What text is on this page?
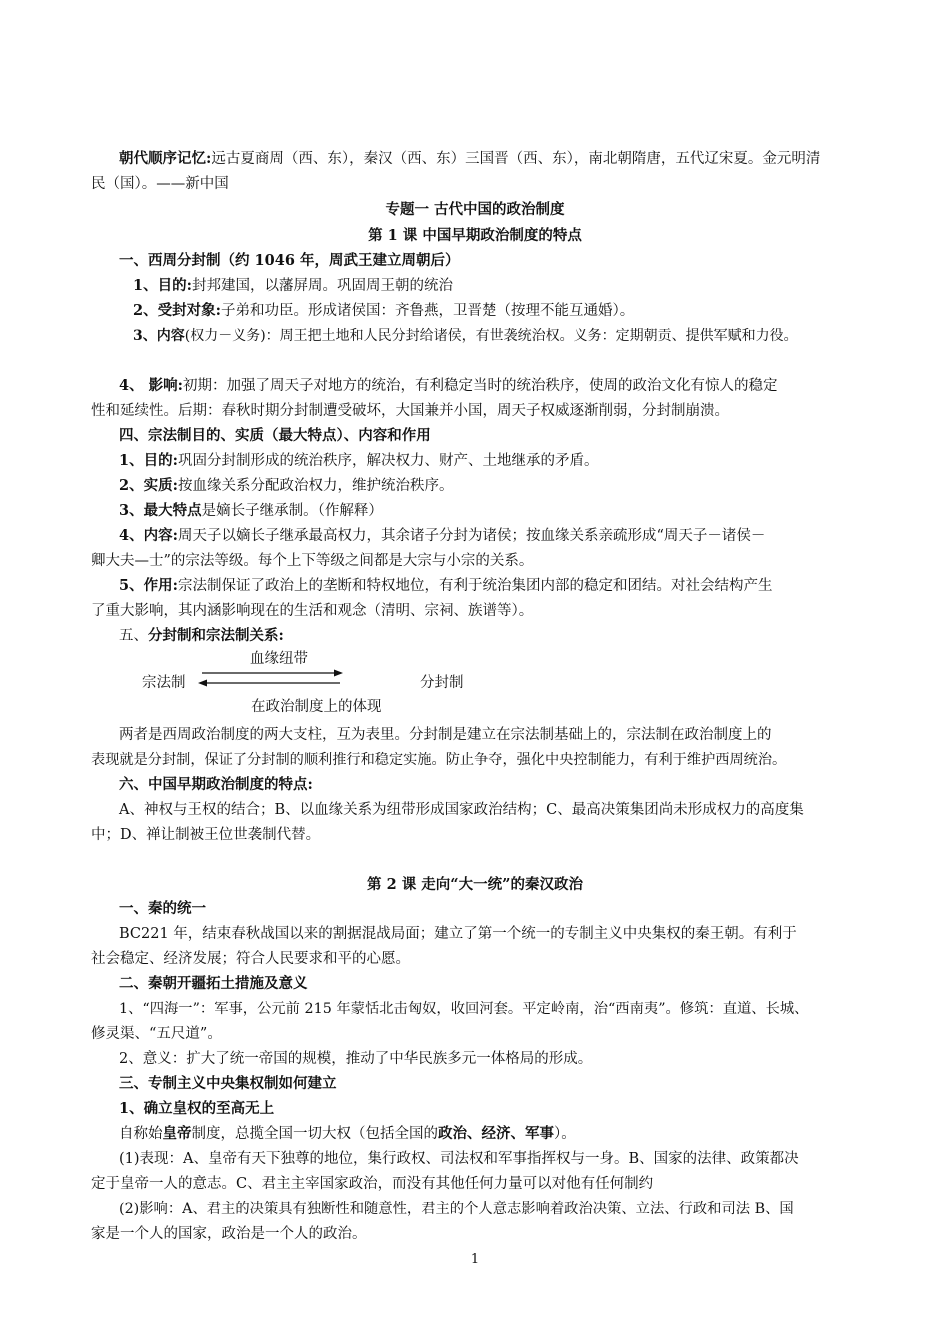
朝代顺序记忆:远古夏商周（西、东），秦汉（西、东）三国晋（西、东），南北朝隋唐，五代辽宋夏。金元明清
民（国）。——新中国
专题一 古代中国的政治制度
第 1 课 中国早期政治制度的特点
一、西周分封制（约 1046 年，周武王建立周朝后）
1、目的:封邦建国，以藩屏周。巩固周王朝的统治
2、受封对象:子弟和功臣。形成诸侯国：齐鲁燕，卫晋楚（按理不能互通婚）。
3、内容(权力－义务)：周王把土地和人民分封给诸侯，有世袭统治权。义务：定期朝贡、提供军赋和力役。
4、 影响:初期：加强了周天子对地方的统治，有利稳定当时的统治秩序，使周的政治文化有惊人的稳定
性和延续性。后期：春秋时期分封制遭受破坏，大国兼并小国，周天子权威逐渐削弱，分封制崩溃。
四、宗法制目的、实质（最大特点）、内容和作用
1、目的:巩固分封制形成的统治秩序，解决权力、财产、土地继承的矛盾。
2、实质:按血缘关系分配政治权力，维护统治秩序。
3、最大特点是嫡长子继承制。（作解释）
4、内容:周天子以嫡长子继承最高权力，其余诸子分封为诸侯；按血缘关系亲疏形成“周天子－诸侯－
卿大夫—士”的宗法等级。每个上下等级之间都是大宗与小宗的关系。
5、作用:宗法制保证了政治上的垄断和特权地位，有利于统治集团内部的稳定和团结。对社会结构产生
了重大影响，其内涵影响现在的生活和观念（清明、宗祠、族谱等）。
五、分封制和宗法制关系:
血缘纽带
宗法制	分封制
在政治制度上的体现
两者是西周政治制度的两大支柱，互为表里。分封制是建立在宗法制基础上的，宗法制在政治制度上的
表现就是分封制，保证了分封制的顺利推行和稳定实施。防止争夺，强化中央控制能力，有利于维护西周统治。
六、中国早期政治制度的特点:
A、神权与王权的结合；B、以血缘关系为纽带形成国家政治结构；C、最高决策集团尚未形成权力的高度集
中；D、禅让制被王位世袭制代替。
第 2 课 走向“大一统”的秦汉政治
一、秦的统一
BC221 年，结束春秋战国以来的割据混战局面；建立了第一个统一的专制主义中央集权的秦王朝。有利于
社会稳定、经济发展；符合人民要求和平的心愿。
二、秦朝开疆拓土措施及意义
1、“四海一”：军事，公元前 215 年蒙恬北击匈奴，收回河套。平定岭南，治“西南夷”。修筑：直道、长城、
修灵渠、“五尺道”。
2、意义：扩大了统一帝国的规模，推动了中华民族多元一体格局的形成。
三、专制主义中央集权制如何建立
1、确立皇权的至高无上
自称始皇帝制度，总揽全国一切大权（包括全国的政治、经济、军事）。
(1)表现：A、皇帝有天下独尊的地位，集行政权、司法权和军事指挥权与一身。B、国家的法律、政策都决
定于皇帝一人的意志。C、君主主宰国家政治，而没有其他任何力量可以对他有任何制约
(2)影响：A、君主的决策具有独断性和随意性，君主的个人意志影响着政治决策、立法、行政和司法 B、国
家是一个人的国家，政治是一个人的政治。
1
